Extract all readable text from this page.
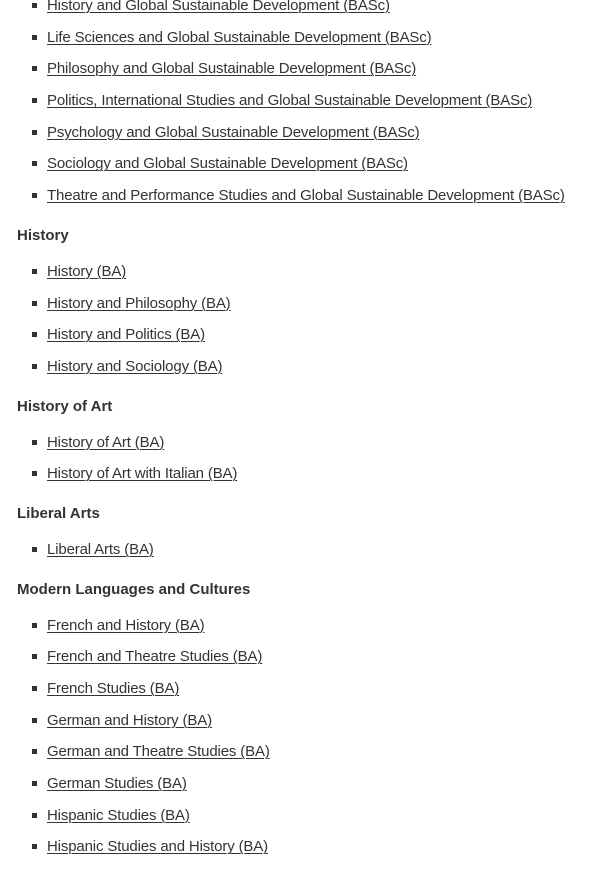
History and Global Sustainable Development (BASc)
Life Sciences and Global Sustainable Development (BASc)
Philosophy and Global Sustainable Development (BASc)
Politics, International Studies and Global Sustainable Development (BASc)
Psychology and Global Sustainable Development (BASc)
Sociology and Global Sustainable Development (BASc)
Theatre and Performance Studies and Global Sustainable Development (BASc)
History
History (BA)
History and Philosophy (BA)
History and Politics (BA)
History and Sociology (BA)
History of Art
History of Art (BA)
History of Art with Italian (BA)
Liberal Arts
Liberal Arts (BA)
Modern Languages and Cultures
French and History (BA)
French and Theatre Studies (BA)
French Studies (BA)
German and History (BA)
German and Theatre Studies (BA)
German Studies (BA)
Hispanic Studies (BA)
Hispanic Studies and History (BA)
